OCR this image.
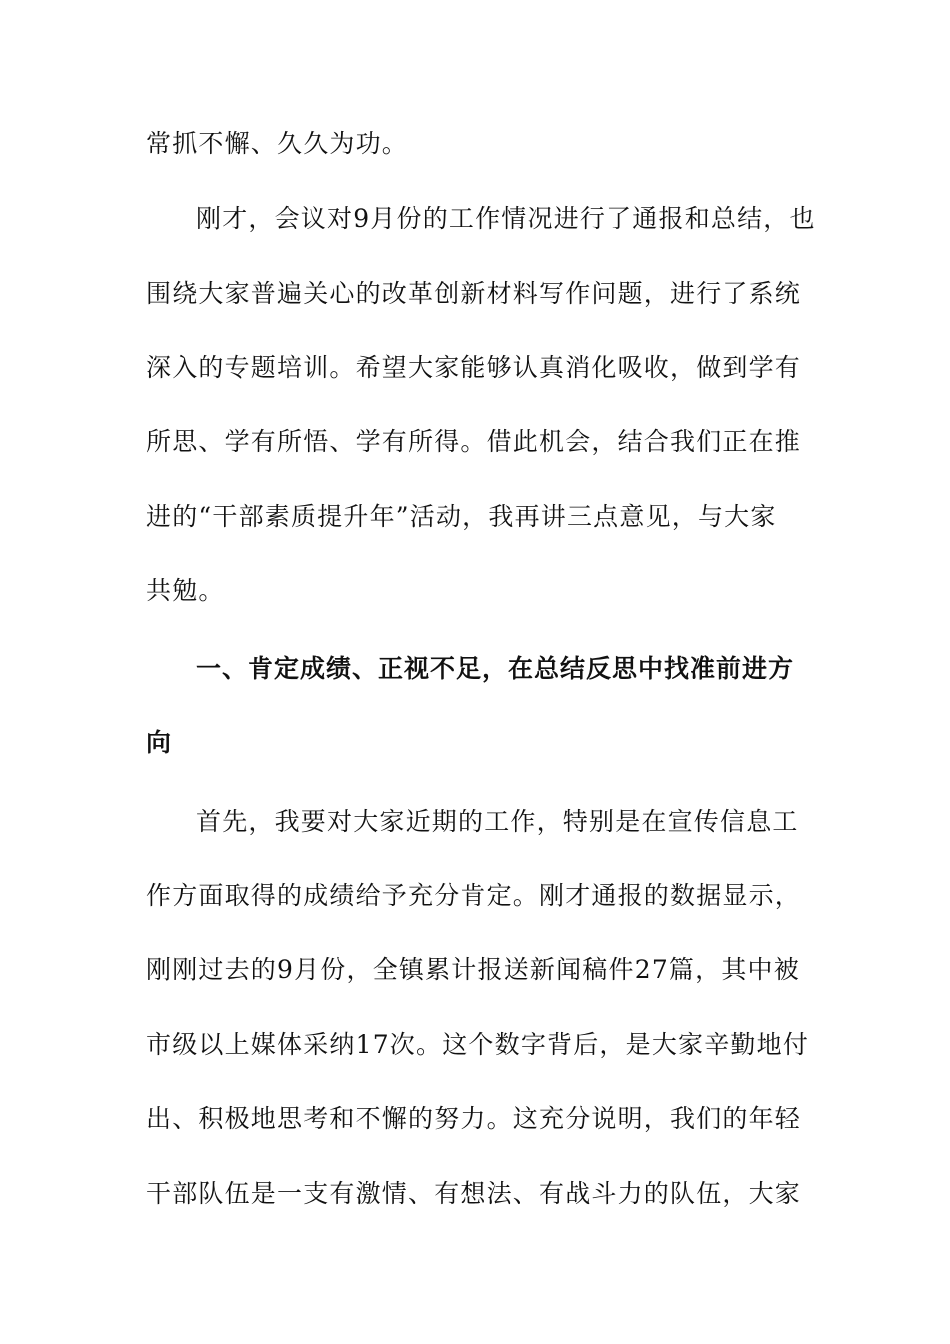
常抓不懈、久久为功。
刚才，会议对9月份的工作情况进行了通报和总结，也
围绕大家普遍关心的改革创新材料写作问题，进行了系统
深入的专题培训。希望大家能够认真消化吸收，做到学有
所思、学有所悟、学有所得。借此机会，结合我们正在推
进的“干部素质提升年”活动，我再讲三点意见，与大家
共勉。
一、肯定成绩、正视不足，在总结反思中找准前进方
向
首先，我要对大家近期的工作，特别是在宣传信息工
作方面取得的成绩给予充分肯定。刚才通报的数据显示，
刚刚过去的9月份，全镇累计报送新闻稿件27篇，其中被
市级以上媒体采纳17次。这个数字背后，是大家辛勤地付
出、积极地思考和不懈的努力。这充分说明，我们的年轻
干部队伍是一支有激情、有想法、有战斗力的队伍，大家
